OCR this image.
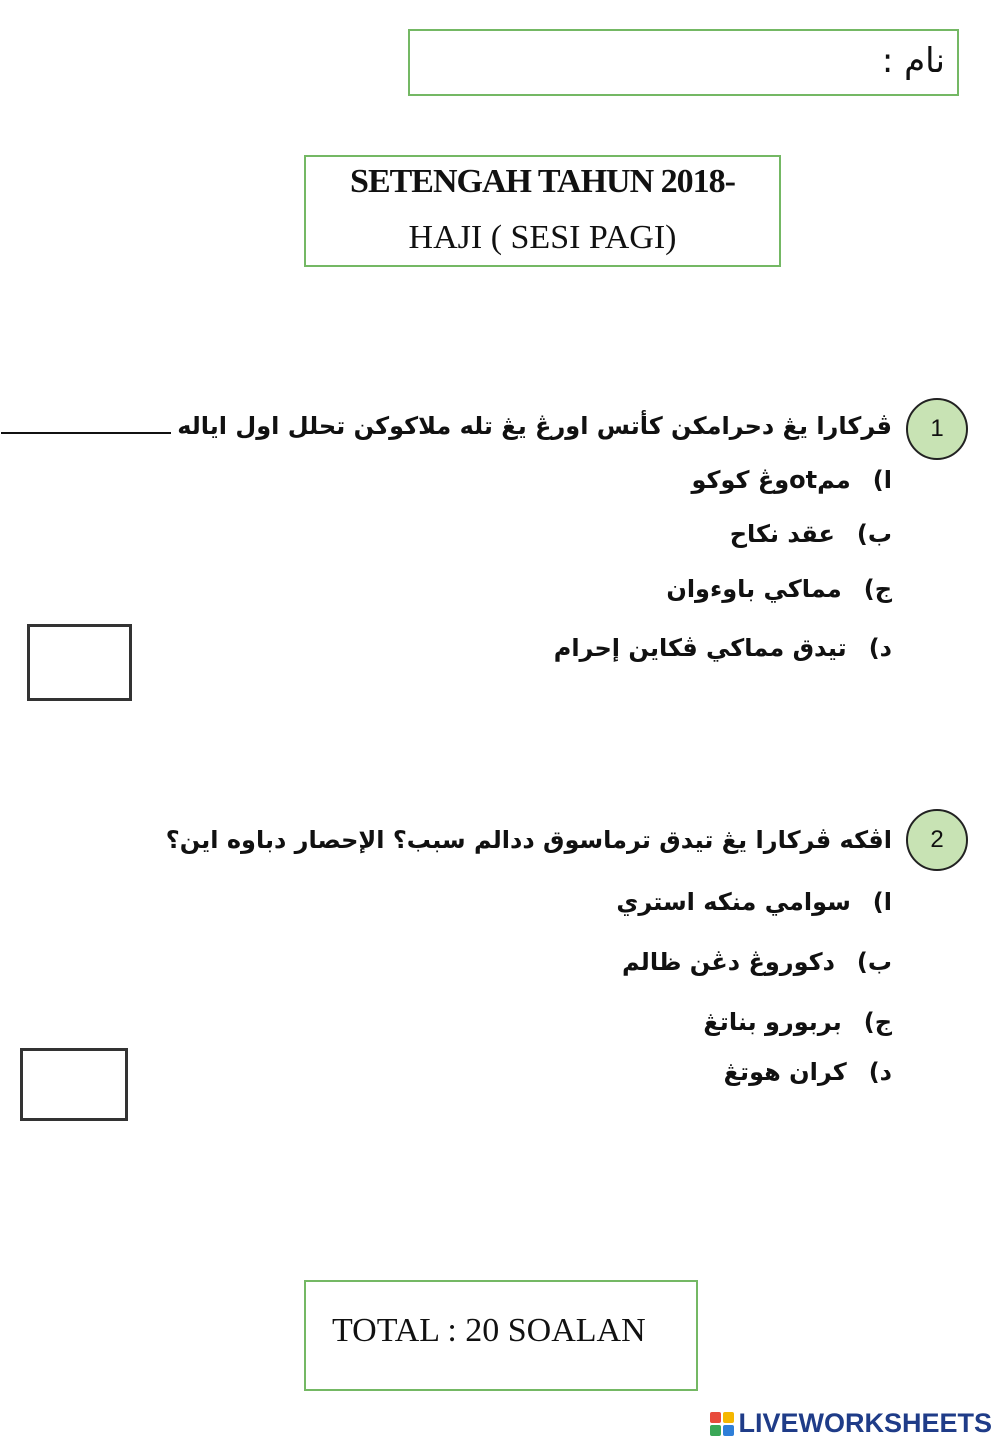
نام :
SETENGAH TAHUN 2018-
HAJI ( SESI PAGI)
1
ڤركارا يڠ دحرامكن كأتس اورڠ يڠ تله ملاكوكن تحلل اول اياله
ا)ممotوڠ كوكو
ب)عقد نكاح
ج)مماكي باوءوان
د)تيدق مماكي ڤكاين إحرام
2
اڤكه ڤركارا يڠ تيدق ترماسوق ددالم سبب؟ الإحصار دباوه اين؟
ا)سوامي منكه استري
ب)دكوروڠ دڠن ظالم
ج)بربورو بناتڠ
د)كران هوتڠ
TOTAL : 20 SOALAN
LIVEWORKSHEETS
